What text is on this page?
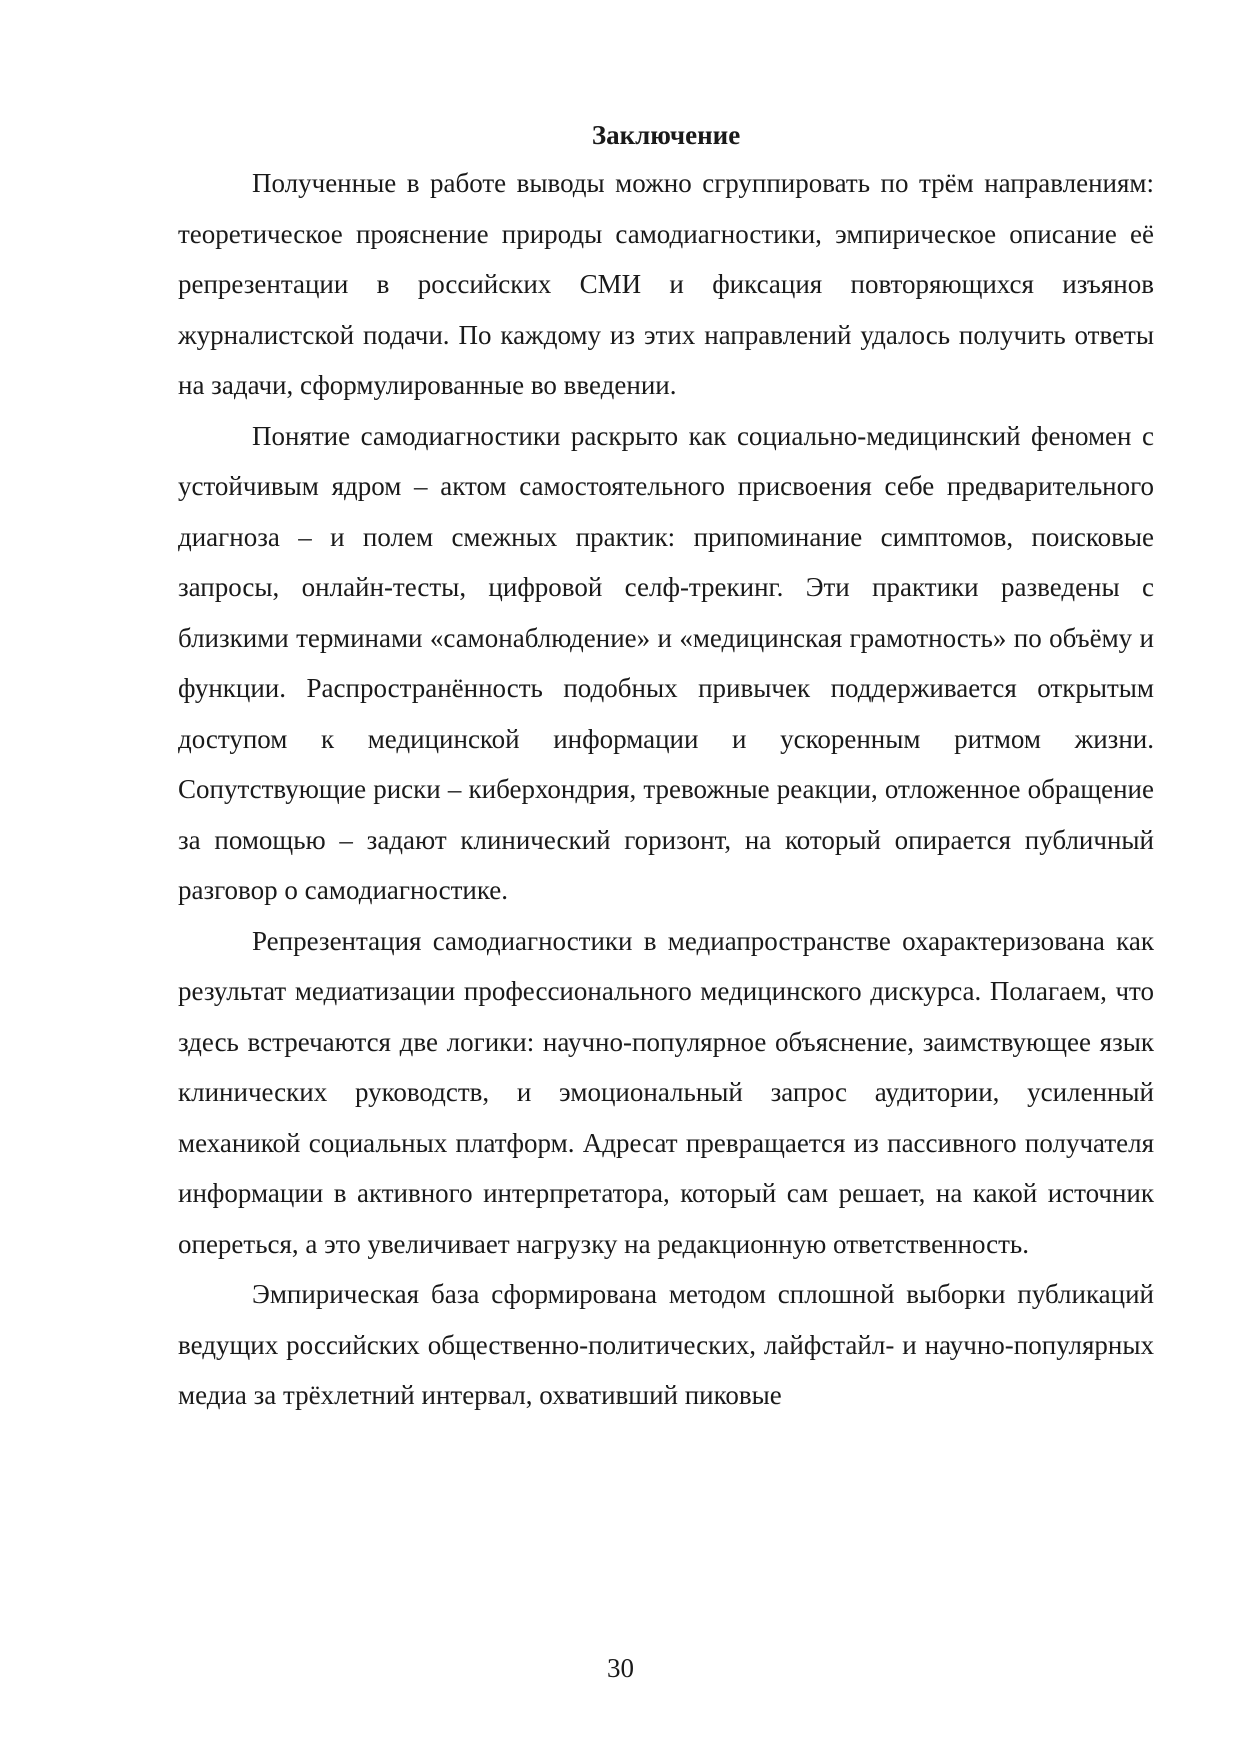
Заключение

Полученные в работе выводы можно сгруппировать по трём направлениям: теоретическое прояснение природы самодиагностики, эмпирическое описание её репрезентации в российских СМИ и фиксация повторяющихся изъянов журналистской подачи. По каждому из этих направлений удалось получить ответы на задачи, сформулированные во введении.

Понятие самодиагностики раскрыто как социально-медицинский феномен с устойчивым ядром – актом самостоятельного присвоения себе предварительного диагноза – и полем смежных практик: припоминание симптомов, поисковые запросы, онлайн-тесты, цифровой селф-трекинг. Эти практики разведены с близкими терминами «самонаблюдение» и «медицинская грамотность» по объёму и функции. Распространённость подобных привычек поддерживается открытым доступом к медицинской информации и ускоренным ритмом жизни. Сопутствующие риски – киберхондрия, тревожные реакции, отложенное обращение за помощью – задают клинический горизонт, на который опирается публичный разговор о самодиагностике.

Репрезентация самодиагностики в медиапространстве охарактеризована как результат медиатизации профессионального медицинского дискурса. Полагаем, что здесь встречаются две логики: научно-популярное объяснение, заимствующее язык клинических руководств, и эмоциональный запрос аудитории, усиленный механикой социальных платформ. Адресат превращается из пассивного получателя информации в активного интерпретатора, который сам решает, на какой источник опереться, а это увеличивает нагрузку на редакционную ответственность.

Эмпирическая база сформирована методом сплошной выборки публикаций ведущих российских общественно-политических, лайфстайл- и научно-популярных медиа за трёхлетний интервал, охвативший пиковые

30
